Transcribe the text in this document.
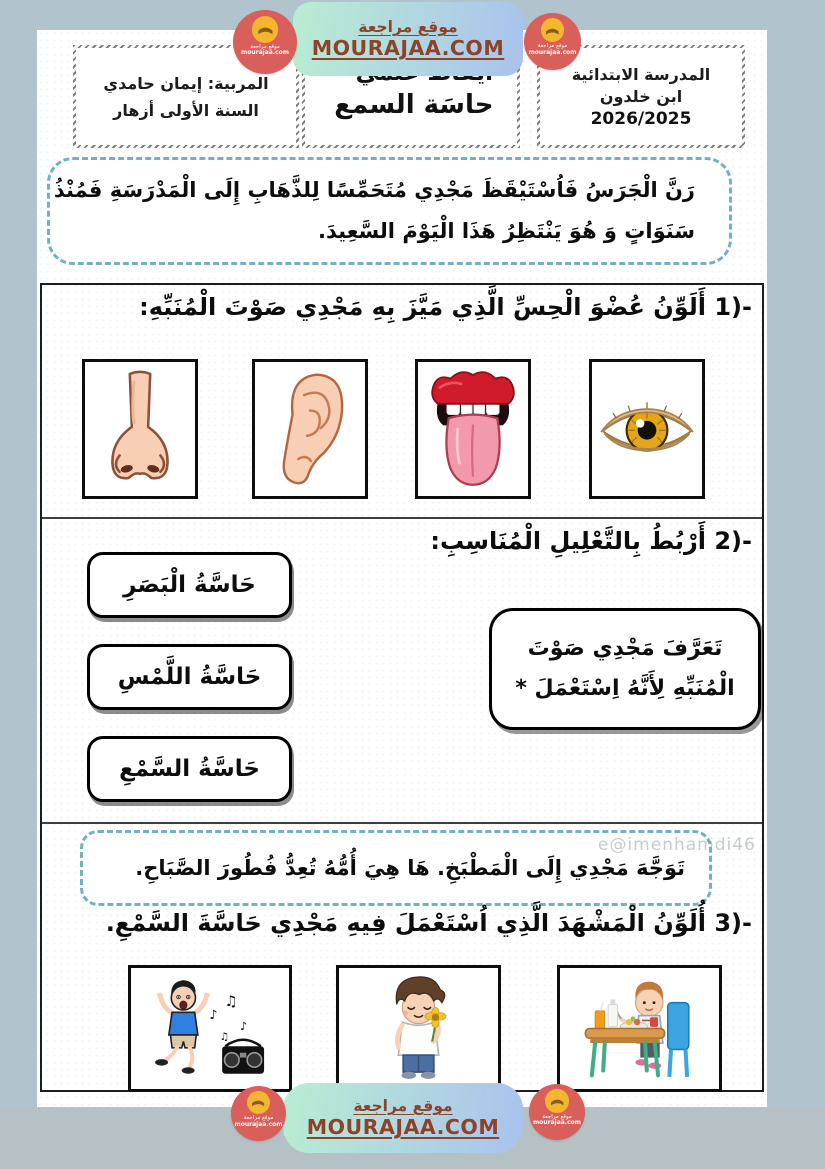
موقع مراجعة
MOURAJAA.COM
موقع مراجعة
mourajaa.com
موقع مراجعة
mourajaa.com
المربية: إيمان حامدي
السنة الأولى أزهار	حاسَة السمع
المدرسة الابتدائية
ابن خلدون
2026/2025
رَنَّ الْجَرَسُ فَاُسْتَيْقَظَ مَجْدِي مُتَحَمِّسًا لِلذَّهَابِ إِلَى الْمَدْرَسَةِ فَمُنْذُ
سَنَوَاتٍ وَ هُوَ يَنْتَظِرُ هَذَا الْيَوْمَ السَّعِيدَ.
1)- أَلَوِّنُ عُضْوَ الْحِسِّ الَّذِي مَيَّزَ بِهِ مَجْدِي صَوْتَ الْمُنَبِّهِ:
2)- أَرْبُطُ بِالتَّعْلِيلِ الْمُنَاسِبِ:
حَاسَّةُ الْبَصَرِ
حَاسَّةُ اللَّمْسِ
حَاسَّةُ السَّمْعِ
تَعَرَّفَ مَجْدِي صَوْتَ
الْمُنَبِّهِ لِأَنَّهُ اِسْتَعْمَلَ *
تَوَجَّهَ مَجْدِي إِلَى الْمَطْبَخِ. هَا هِيَ أُمُّهُ تُعِدُّ فُطُورَ الصَّبَاحِ.
e@imenhamdi46
3)- أُلَوِّنُ الْمَشْهَدَ الَّذِي اُسْتَعْمَلَ فِيهِ مَجْدِي حَاسَّةَ السَّمْعِ.
♪
♫
♪
♫
موقع مراجعة
MOURAJAA.COM
موقع مراجعة
mourajaa.com
موقع مراجعة
mourajaa.com
